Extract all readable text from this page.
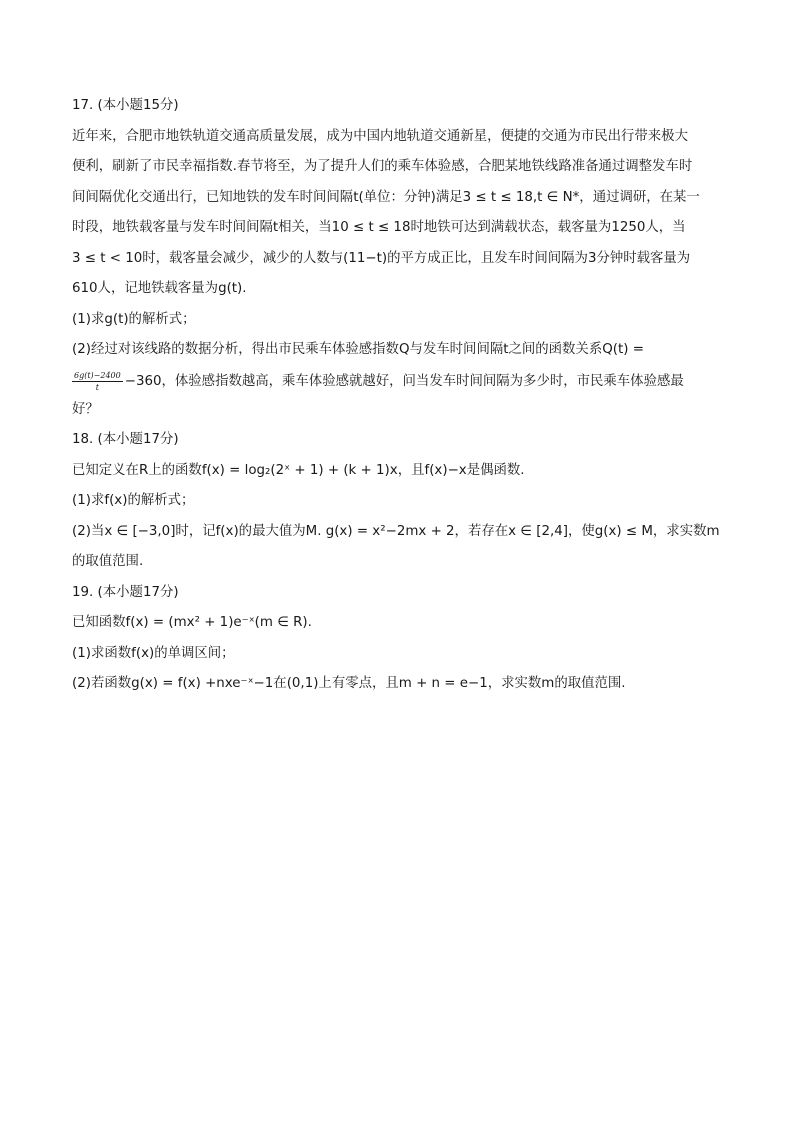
17. (本小题15分)
近年来，合肥市地铁轨道交通高质量发展，成为中国内地轨道交通新星，便捷的交通为市民出行带来极大
便利，刷新了市民幸福指数.春节将至，为了提升人们的乘车体验感，合肥某地铁线路准备通过调整发车时
间间隔优化交通出行，已知地铁的发车时间间隔t(单位：分钟)满足3 ≤ t ≤ 18,t ∈ N*，通过调研，在某一
时段，地铁载客量与发车时间间隔t相关，当10 ≤ t ≤ 18时地铁可达到满载状态，载客量为1250人，当
3 ≤ t < 10时，载客量会减少，减少的人数与(11−t)的平方成正比，且发车时间间隔为3分钟时载客量为
610人，记地铁载客量为g(t).
(1)求g(t)的解析式；
(2)经过对该线路的数据分析，得出市民乘车体验感指数Q与发车时间间隔t之间的函数关系Q(t) =
$\frac{6g(t)-2400}{t} -360$，体验感指数越高，乘车体验感就越好，问当发车时间间隔为多少时，市民乘车体验感最
好？
18. (本小题17分)
已知定义在R上的函数f(x) = log₂(2ˣ + 1) + (k + 1)x，且f(x)−x是偶函数.
(1)求f(x)的解析式；
(2)当x ∈ [−3,0]时，记f(x)的最大值为M. g(x) = x²−2mx + 2，若存在x ∈ [2,4]，使g(x) ≤ M，求实数m
的取值范围.
19. (本小题17分)
已知函数f(x) = (mx² + 1)e⁻ˣ(m ∈ R).
(1)求函数f(x)的单调区间；
(2)若函数g(x) = f(x) +nxe⁻ˣ−1在(0,1)上有零点，且m + n = e−1，求实数m的取值范围.
